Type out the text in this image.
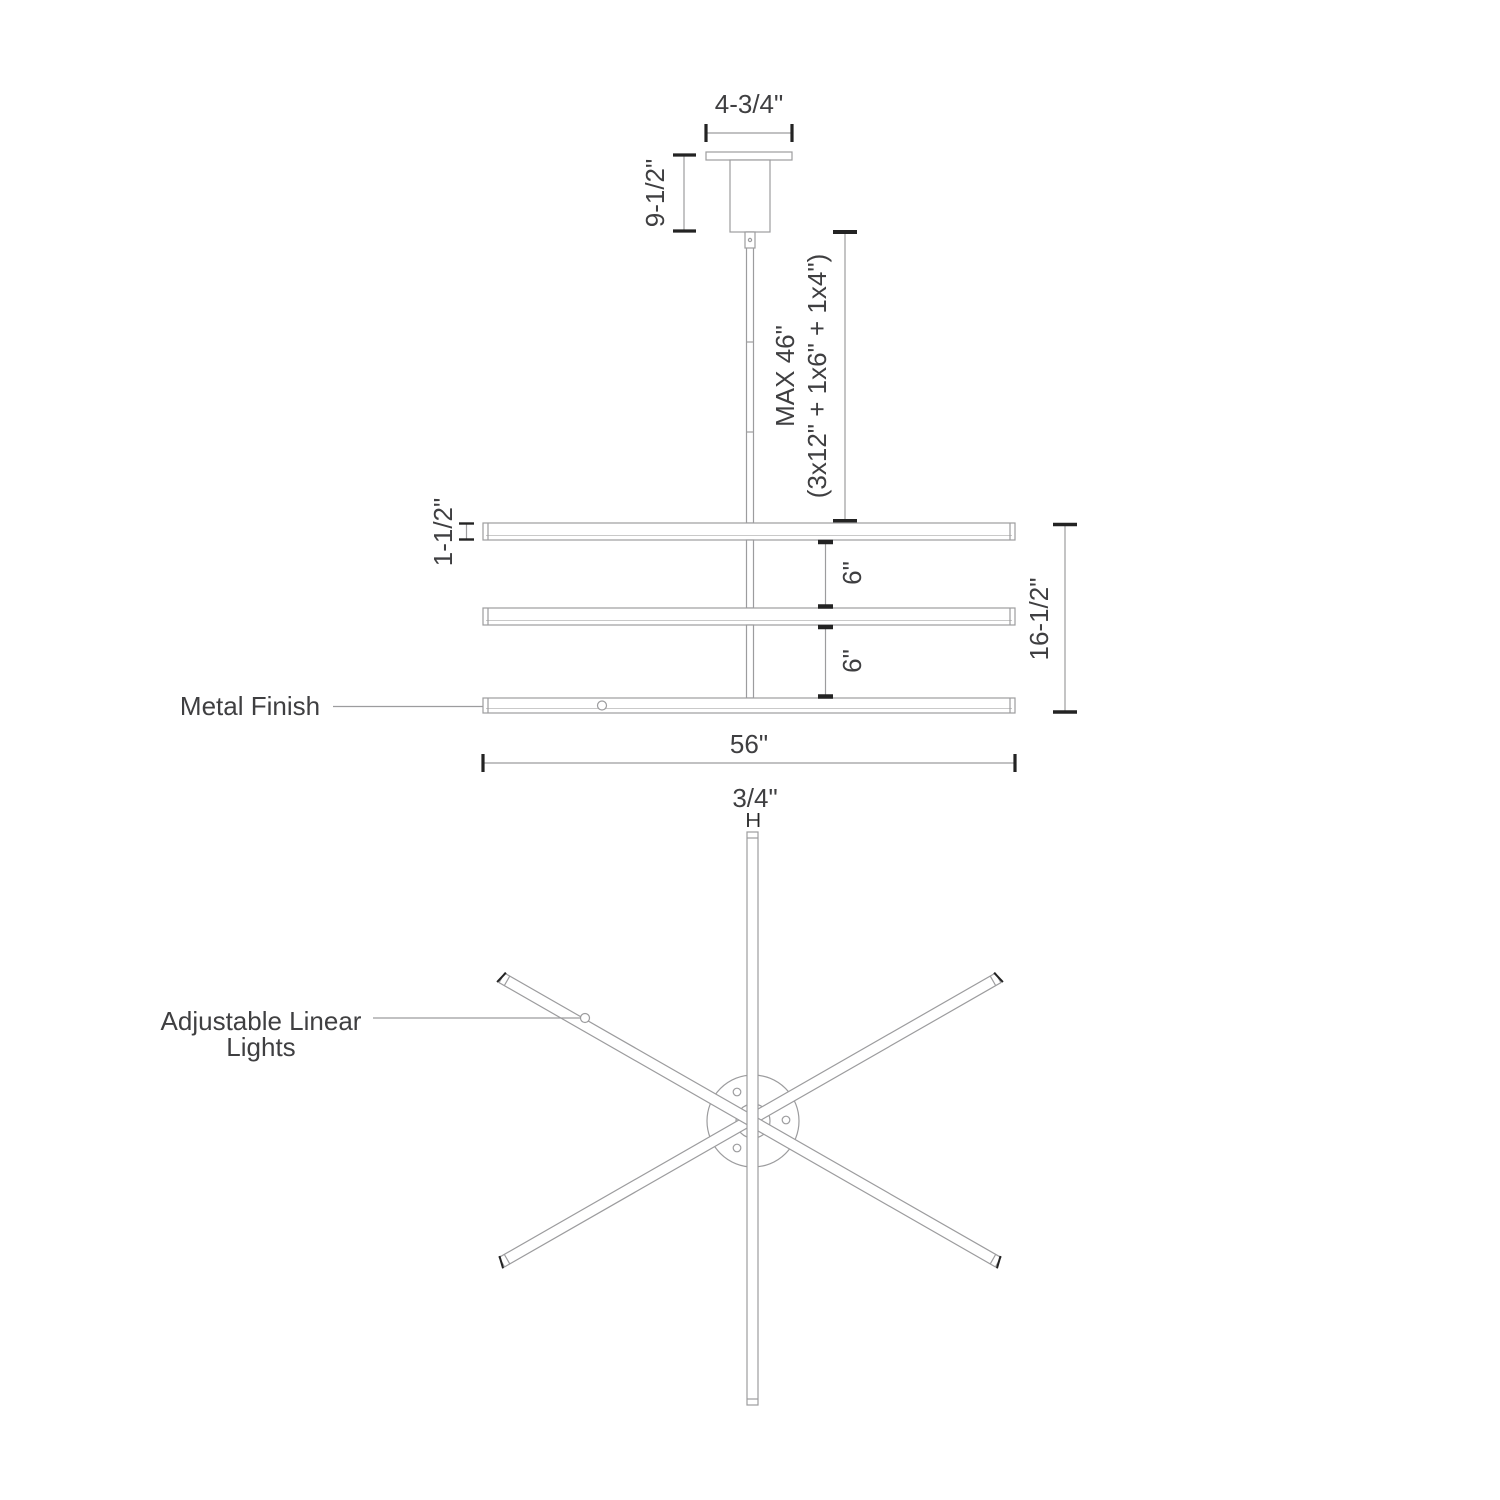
4-3/4"
9-1/2"
MAX 46" (3x12" + 1x6" + 1x4")
1-1/2"
6"
6"
16-1/2"
Metal Finish
56"
3/4"
Adjustable Linear
Lights
